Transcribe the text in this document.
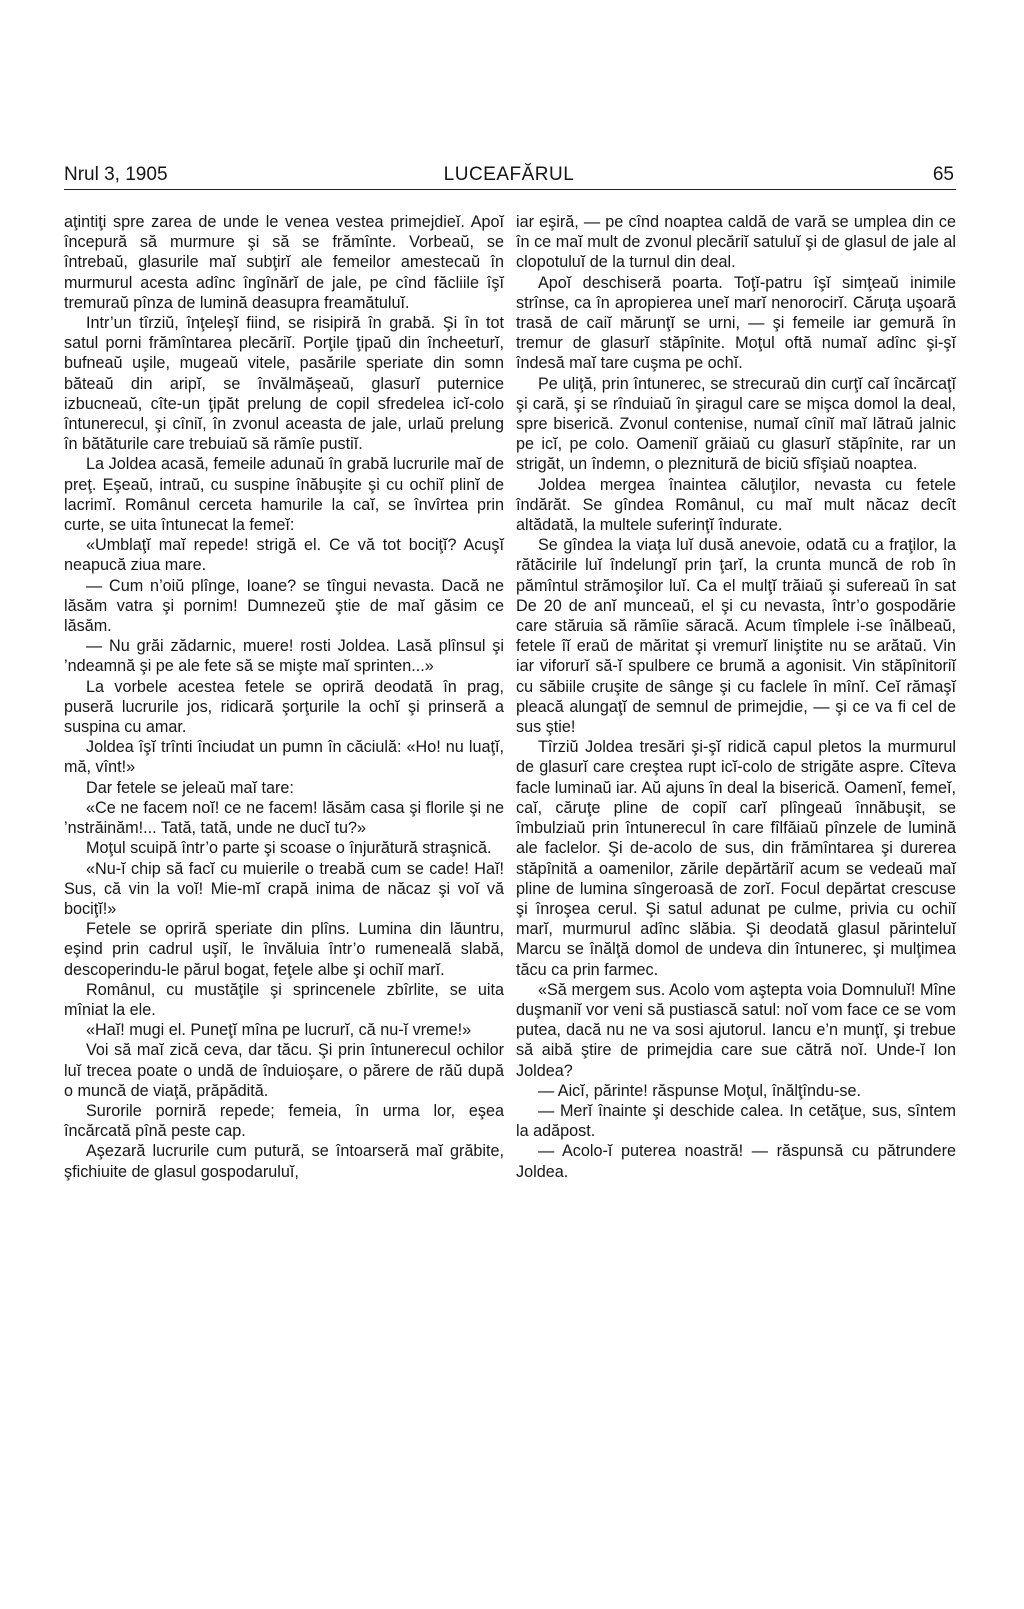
Nrul 3, 1905	LUCEAFĂRUL	65

aţintiţi spre zarea de unde le venea vestea primejdieĭ. Apoĭ începură să murmure şi să se frămînte. Vorbeaŭ, se întrebaŭ, glasurile maĭ subţirĭ ale femeilor amestecaŭ în murmurul acesta adînc îngînărĭ de jale, pe cînd făcliile îşĭ tremuraŭ pînza de lumină deasupra freamătuluĭ.

Intr’un tîrziŭ, înţeleşĭ fiind, se risipiră în grabă. Şi în tot satul porni frămîntarea plecăriĭ. Porţile ţipaŭ din încheeturĭ, bufneaŭ uşile, mugeaŭ vitele, pasările speriate din somn băteaŭ din aripĭ, se învălmăşeaŭ, glasurĭ puternice izbucneaŭ, cîte-un ţipăt prelung de copil sfredelea icĭ-colo întunerecul, şi cîniĭ, în zvonul aceasta de jale, urlaŭ prelung în bătăturile care trebuiaŭ să rămîe pustiĭ.

La Joldea acasă, femeile adunaŭ în grabă lucrurile maĭ de preţ. Eşeaŭ, intraŭ, cu suspine înăbuşite şi cu ochiĭ plinĭ de lacrimĭ. Românul cerceta hamurile la caĭ, se învîrtea prin curte, se uita întunecat la femeĭ:

«Umblaţĭ maĭ repede! strigă el. Ce vă tot bociţĭ? Acuşĭ neapucă ziua mare.

— Cum n’oiŭ plînge, Ioane? se tîngui nevasta. Dacă ne lăsăm vatra şi pornim! Dumnezeŭ ştie de maĭ găsim ce lăsăm.

— Nu grăi zădarnic, muere! rosti Joldea. Lasă plînsul şi ’ndeamnă şi pe ale fete să se mişte maĭ sprinten...»

La vorbele acestea fetele se opriră deodată în prag, puseră lucrurile jos, ridicară şorţurile la ochĭ şi prinseră a suspina cu amar.

Joldea îşĭ trînti înciudat un pumn în căciulă: «Ho! nu luaţĭ, mă, vînt!»

Dar fetele se jeleaŭ maĭ tare:

«Ce ne facem noĭ! ce ne facem! lăsăm casa şi florile şi ne ’nstrăinăm!... Tată, tată, unde ne ducĭ tu?»

Moţul scuipă într’o parte şi scoase o înjurătură straşnică.

«Nu-ĭ chip să facĭ cu muierile o treabă cum se cade! Haĭ! Sus, că vin la voĭ! Mie-mĭ crapă inima de năcaz şi voĭ vă bociţĭ!»

Fetele se opriră speriate din plîns. Lumina din lăuntru, eşind prin cadrul uşiĭ, le învăluia într’o rumeneală slabă, descoperindu-le părul bogat, feţele albe şi ochiĭ marĭ.

Românul, cu mustăţile şi sprincenele zbîrlite, se uita mîniat la ele.

«Haĭ! mugi el. Puneţĭ mîna pe lucrurĭ, că nu-ĭ vreme!»

Voi să maĭ zică ceva, dar tăcu. Şi prin întunerecul ochilor luĭ trecea poate o undă de înduioşare, o părere de răŭ după o muncă de viaţă, prăpădită.

Surorile porniră repede; femeia, în urma lor, eşea încărcată pînă peste cap.

Aşezară lucrurile cum putură, se întoarseră maĭ grăbite, şfichiuite de glasul gospodaruluĭ,

iar eşiră, — pe cînd noaptea caldă de vară se umplea din ce în ce maĭ mult de zvonul plecăriĭ satuluĭ şi de glasul de jale al clopotuluĭ de la turnul din deal.

Apoĭ deschiseră poarta. Toţĭ-patru îşĭ simţeaŭ inimile strînse, ca în apropierea uneĭ marĭ nenorocirĭ. Căruţa uşoară trasă de caiĭ mărunţĭ se urni, — şi femeile iar gemură în tremur de glasurĭ stăpînite. Moţul oftă numaĭ adînc şi-şĭ îndesă maĭ tare cuşma pe ochĭ.

Pe uliţă, prin întunerec, se strecuraŭ din curţĭ caĭ încărcaţĭ şi cară, şi se rînduiaŭ în şiragul care se mişca domol la deal, spre biserică. Zvonul contenise, numaĭ cîniĭ maĭ lătraŭ jalnic pe icĭ, pe colo. Oameniĭ grăiaŭ cu glasurĭ stăpînite, rar un strigăt, un îndemn, o pleznitură de biciŭ sfîşiaŭ noaptea.

Joldea mergea înaintea căluţilor, nevasta cu fetele îndărăt. Se gîndea Românul, cu maĭ mult năcaz decît altădată, la multele suferinţĭ îndurate.

Se gîndea la viaţa luĭ dusă anevoie, odată cu a fraţilor, la rătăcirile luĭ îndelungĭ prin ţarĭ, la crunta muncă de rob în pămîntul strămoşilor luĭ. Ca el mulţĭ trăiaŭ şi sufereaŭ în sat De 20 de anĭ munceaŭ, el şi cu nevasta, într’o gospodărie care stăruia să rămîie săracă. Acum tîmplele i-se înălbeaŭ, fetele îĭ eraŭ de măritat şi vremurĭ liniştite nu se arătaŭ. Vin iar viforurĭ să-ĭ spulbere ce brumă a agonisit. Vin stăpînitoriĭ cu săbiile cruşite de sânge şi cu faclele în mînĭ. Ceĭ rămaşĭ pleacă alungaţĭ de semnul de primejdie, — şi ce va fi cel de sus ştie!

Tîrziŭ Joldea tresări şi-şĭ ridică capul pletos la murmurul de glasurĭ care creştea rupt icĭ-colo de strigăte aspre. Cîteva facle luminaŭ iar. Aŭ ajuns în deal la biserică. Oamenĭ, femeĭ, caĭ, căruţe pline de copiĭ carĭ plîngeaŭ înnăbuşit, se îmbulziaŭ prin întunerecul în care fîlfăiaŭ pînzele de lumină ale faclelor. Şi de-acolo de sus, din frămîntarea şi durerea stăpînită a oamenilor, zările depărtăriĭ acum se vedeaŭ maĭ pline de lumina sîngeroasă de zorĭ. Focul depărtat crescuse şi înroşea cerul. Şi satul adunat pe culme, privia cu ochiĭ marĭ, murmurul adînc slăbia. Şi deodată glasul părinteluĭ Marcu se înălţă domol de undeva din întunerec, şi mulţimea tăcu ca prin farmec.

«Să mergem sus. Acolo vom aştepta voia Domnuluĭ! Mîne duşmaniĭ vor veni să pustiască satul: noĭ vom face ce se vom putea, dacă nu ne va sosi ajutorul. Iancu e’n munţĭ, şi trebue să aibă ştire de primejdia care sue cătră noĭ. Unde-ĭ Ion Joldea?

— Aicĭ, părinte! răspunse Moţul, înălţîndu-se.

— Merĭ înainte şi deschide calea. In cetăţue, sus, sîntem la adăpost.

— Acolo-ĭ puterea noastră! — răspunsă cu pătrundere Joldea.
